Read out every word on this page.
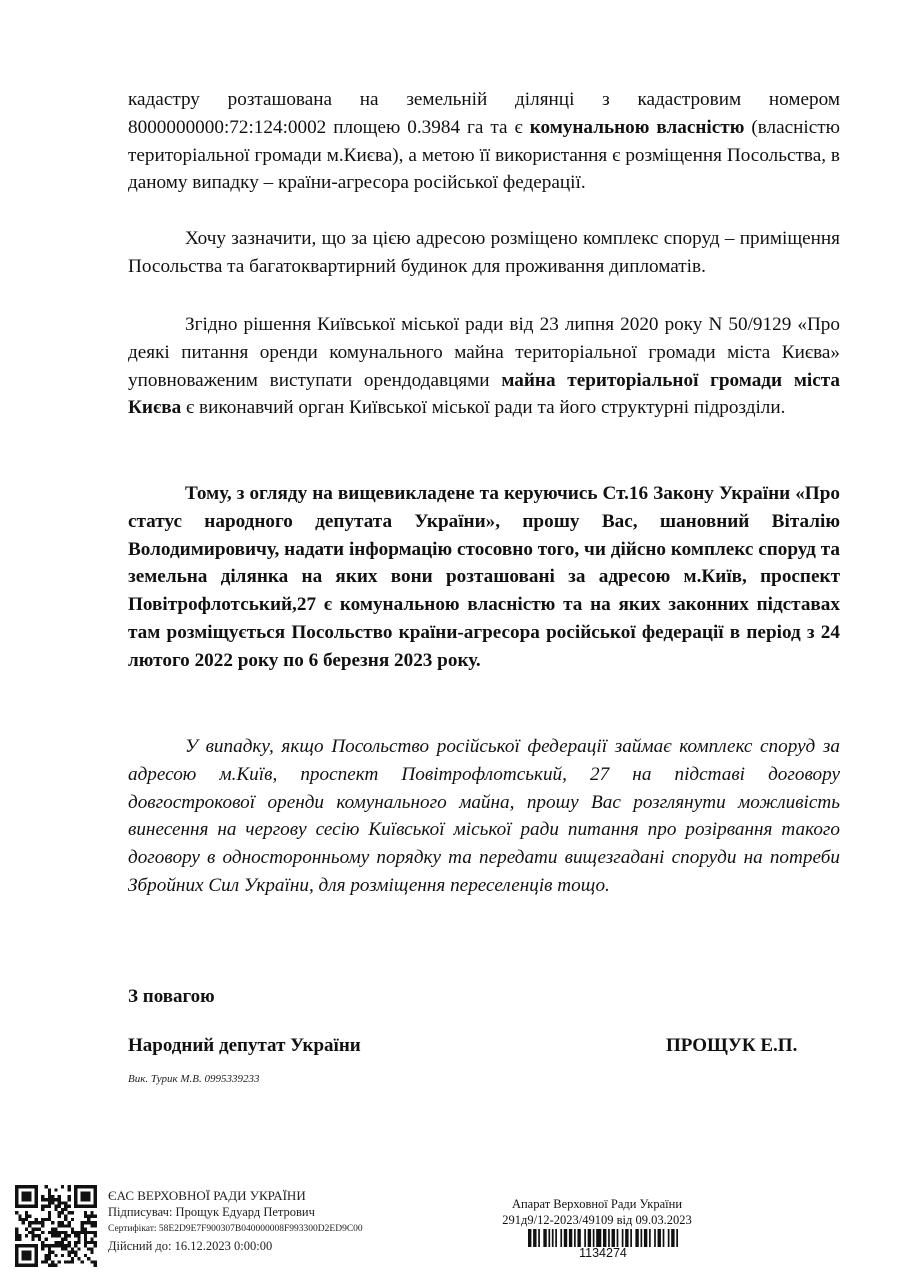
кадастру розташована на земельній ділянці з кадастровим номером 8000000000:72:124:0002 площею 0.3984 га та є комунальною власністю (власністю територіальної громади м.Києва), а метою її використання є розміщення Посольства, в даному випадку – країни-агресора російської федерації.

Хочу зазначити, що за цією адресою розміщено комплекс споруд – приміщення Посольства та багатоквартирний будинок для проживання дипломатів.

Згідно рішення Київської міської ради від 23 липня 2020 року N 50/9129 «Про деякі питання оренди комунального майна територіальної громади міста Києва» уповноваженим виступати орендодавцями майна територіальної громади міста Києва є виконавчий орган Київської міської ради та його структурні підрозділи.

Тому, з огляду на вищевикладене та керуючись Ст.16 Закону України «Про статус народного депутата України», прошу Вас, шановний Віталію Володимировичу, надати інформацію стосовно того, чи дійсно комплекс споруд та земельна ділянка на яких вони розташовані за адресою м.Київ, проспект Повітрофлотський,27 є комунальною власністю та на яких законних підставах там розміщується Посольство країни-агресора російської федерації в період з 24 лютого 2022 року по 6 березня 2023 року.

У випадку, якщо Посольство російської федерації займає комплекс споруд за адресою м.Київ, проспект Повітрофлотський, 27 на підставі договору довгострокової оренди комунального майна, прошу Вас розглянути можливість винесення на чергову сесію Київської міської ради питання про розірвання такого договору в односторонньому порядку та передати вищезгадані споруди на потреби Збройних Сил України, для розміщення переселенців тощо.

З повагою
Народний депутат України	ПРОЩУК Е.П.
Вик. Турик М.В. 0995339233
ЄАС ВЕРХОВНОЇ РАДИ УКРАЇНИ
Підписувач: Прощук Едуард Петрович
Сертифікат: 58E2D9E7F900307B040000008F993300D2ED9C00
Дійсний до: 16.12.2023 0:00:00
Апарат Верховної Ради України
291д9/12-2023/49109 від 09.03.2023
1134274
